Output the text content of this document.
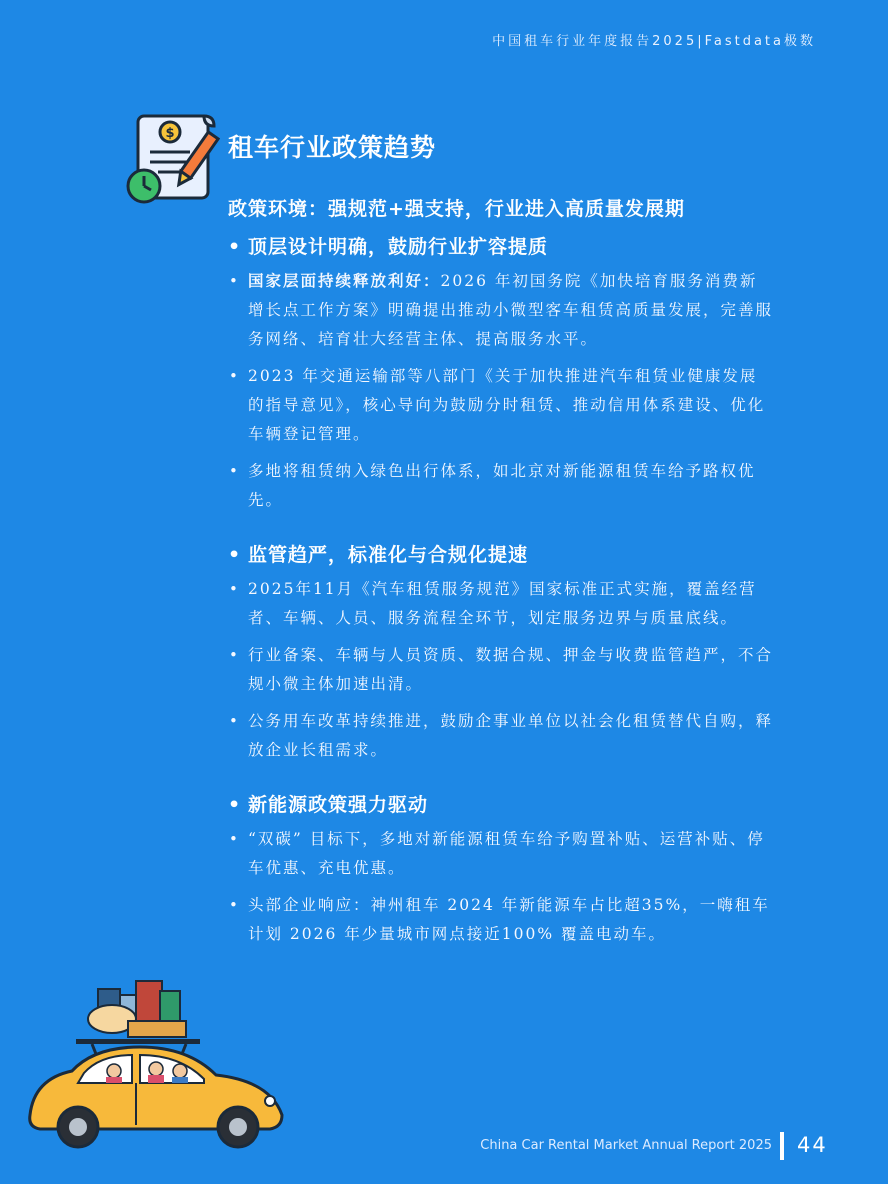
中国租车行业年度报告2025|Fastdata极数
$ 租车行业政策趋势
政策环境：强规范+强支持，行业进入高质量发展期
• 顶层设计明确，鼓励行业扩容提质
• 国家层面持续释放利好：2026 年初国务院《加快培育服务消费新增长点工作方案》明确提出推动小微型客车租赁高质量发展，完善服务网络、培育壮大经营主体、提高服务水平。
• 2023 年交通运输部等八部门《关于加快推进汽车租赁业健康发展的指导意见》，核心导向为鼓励分时租赁、推动信用体系建设、优化车辆登记管理。
• 多地将租赁纳入绿色出行体系，如北京对新能源租赁车给予路权优先。
• 监管趋严，标准化与合规化提速
• 2025年11月《汽车租赁服务规范》国家标准正式实施，覆盖经营者、车辆、人员、服务流程全环节，划定服务边界与质量底线。
• 行业备案、车辆与人员资质、数据合规、押金与收费监管趋严，不合规小微主体加速出清。
• 公务用车改革持续推进，鼓励企事业单位以社会化租赁替代自购，释放企业长租需求。
• 新能源政策强力驱动
• “双碳” 目标下，多地对新能源租赁车给予购置补贴、运营补贴、停车优惠、充电优惠。
• 头部企业响应：神州租车 2024 年新能源车占比超35%，一嗨租车计划 2026 年少量城市网点接近100% 覆盖电动车。
China Car Rental Market Annual Report 2025 44
